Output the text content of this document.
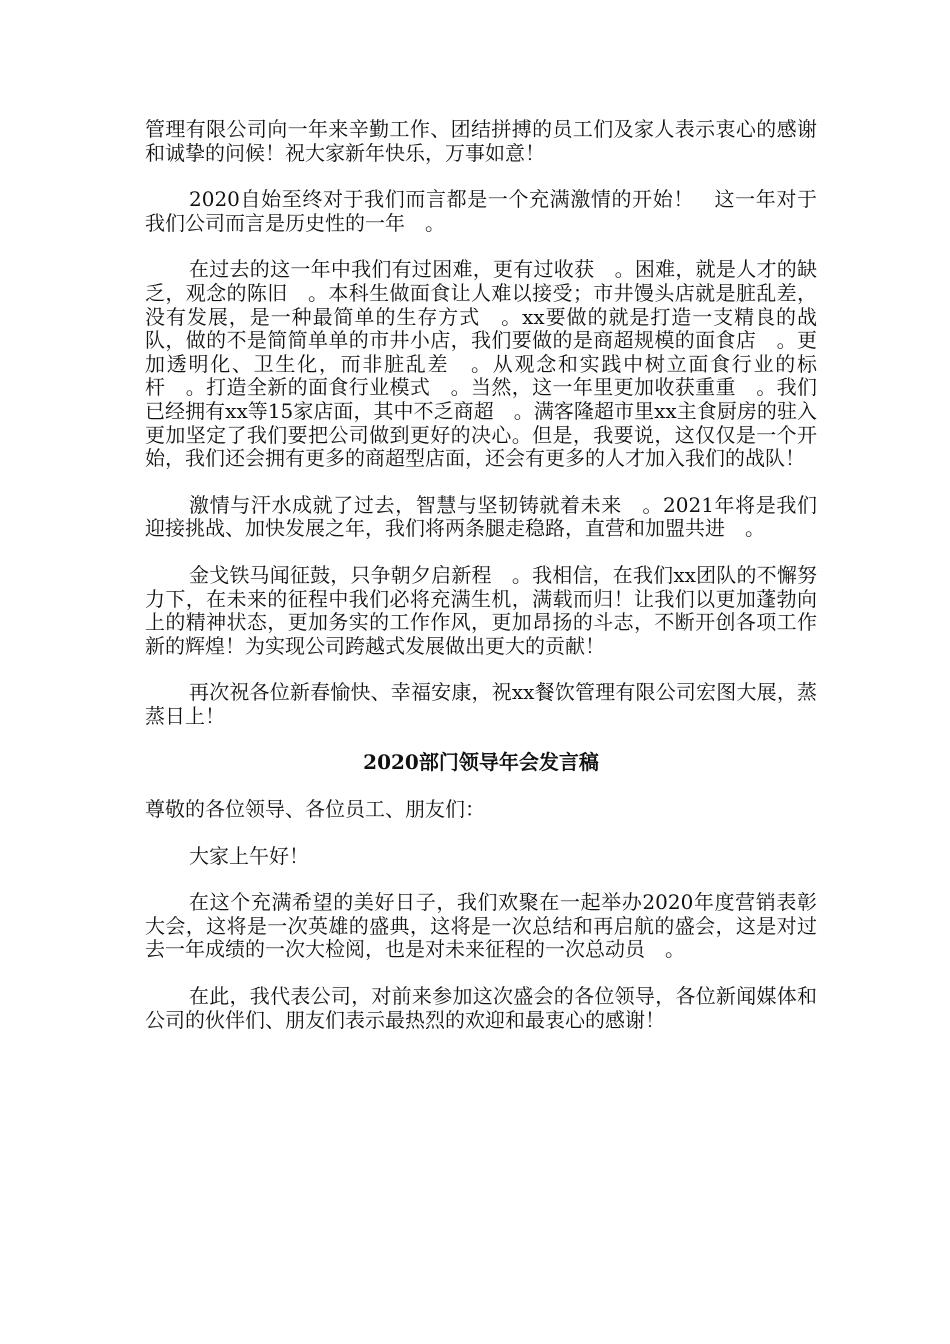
管理有限公司向一年来辛勤工作、团结拼搏的员工们及家人表示衷心的感谢和诚挚的问候！祝大家新年快乐，万事如意！

2020自始至终对于我们而言都是一个充满激情的开始！　这一年对于我们公司而言是历史性的一年　。

在过去的这一年中我们有过困难，更有过收获　。困难，就是人才的缺乏，观念的陈旧　。本科生做面食让人难以接受；市井馒头店就是脏乱差，没有发展，是一种最简单的生存方式　。xx要做的就是打造一支精良的战队，做的不是简简单单的市井小店，我们要做的是商超规模的面食店　。更加透明化、卫生化，而非脏乱差　。从观念和实践中树立面食行业的标杆　。打造全新的面食行业模式　。当然，这一年里更加收获重重　。我们已经拥有xx等15家店面，其中不乏商超　。满客隆超市里xx主食厨房的驻入更加坚定了我们要把公司做到更好的决心。但是，我要说，这仅仅是一个开始，我们还会拥有更多的商超型店面，还会有更多的人才加入我们的战队！

激情与汗水成就了过去，智慧与坚韧铸就着未来　。2021年将是我们迎接挑战、加快发展之年，我们将两条腿走稳路，直营和加盟共进　。

金戈铁马闻征鼓，只争朝夕启新程　。我相信，在我们xx团队的不懈努力下，在未来的征程中我们必将充满生机，满载而归！让我们以更加蓬勃向上的精神状态，更加务实的工作作风，更加昂扬的斗志，不断开创各项工作新的辉煌！为实现公司跨越式发展做出更大的贡献！

再次祝各位新春愉快、幸福安康，祝xx餐饮管理有限公司宏图大展，蒸蒸日上！

2020部门领导年会发言稿

尊敬的各位领导、各位员工、朋友们：

大家上午好！

在这个充满希望的美好日子，我们欢聚在一起举办2020年度营销表彰大会，这将是一次英雄的盛典，这将是一次总结和再启航的盛会，这是对过去一年成绩的一次大检阅，也是对未来征程的一次总动员　。

在此，我代表公司，对前来参加这次盛会的各位领导，各位新闻媒体和公司的伙伴们、朋友们表示最热烈的欢迎和最衷心的感谢！
